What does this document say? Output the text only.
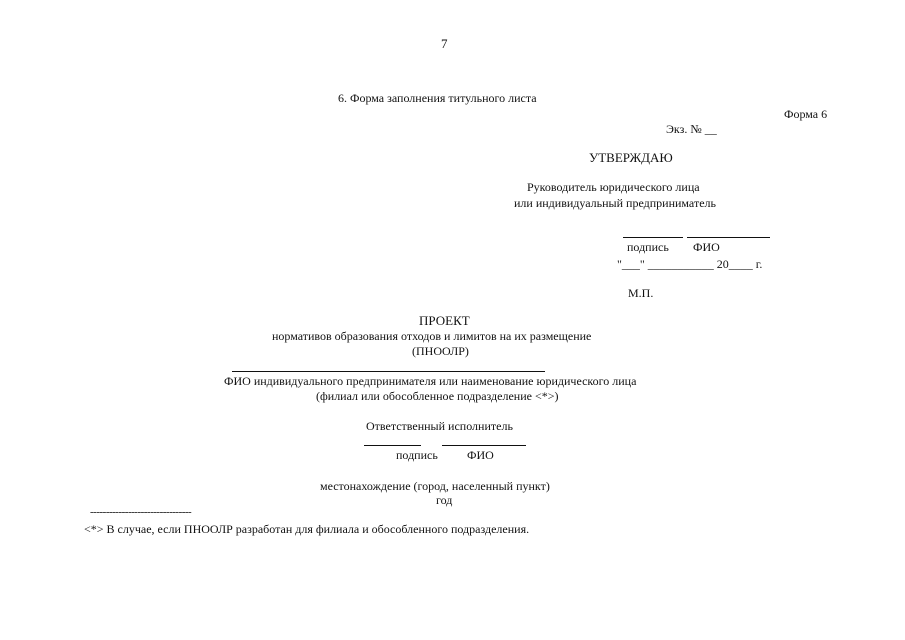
7
6. Форма заполнения титульного листа
Форма 6
Экз. № __
УТВЕРЖДАЮ
Руководитель юридического лица
или индивидуальный предприниматель
подпись ФИО
"___" ___________ 20____ г.
М.П.
ПРОЕКТ
нормативов образования отходов и лимитов на их размещение
(ПНООЛР)
ФИО индивидуального предпринимателя или наименование юридического лица
(филиал или обособленное подразделение <*>)
Ответственный исполнитель
подпись ФИО
местонахождение (город, населенный пункт)
год
--------------------------------
<*> В случае, если ПНООЛР разработан для филиала и обособленного подразделения.
